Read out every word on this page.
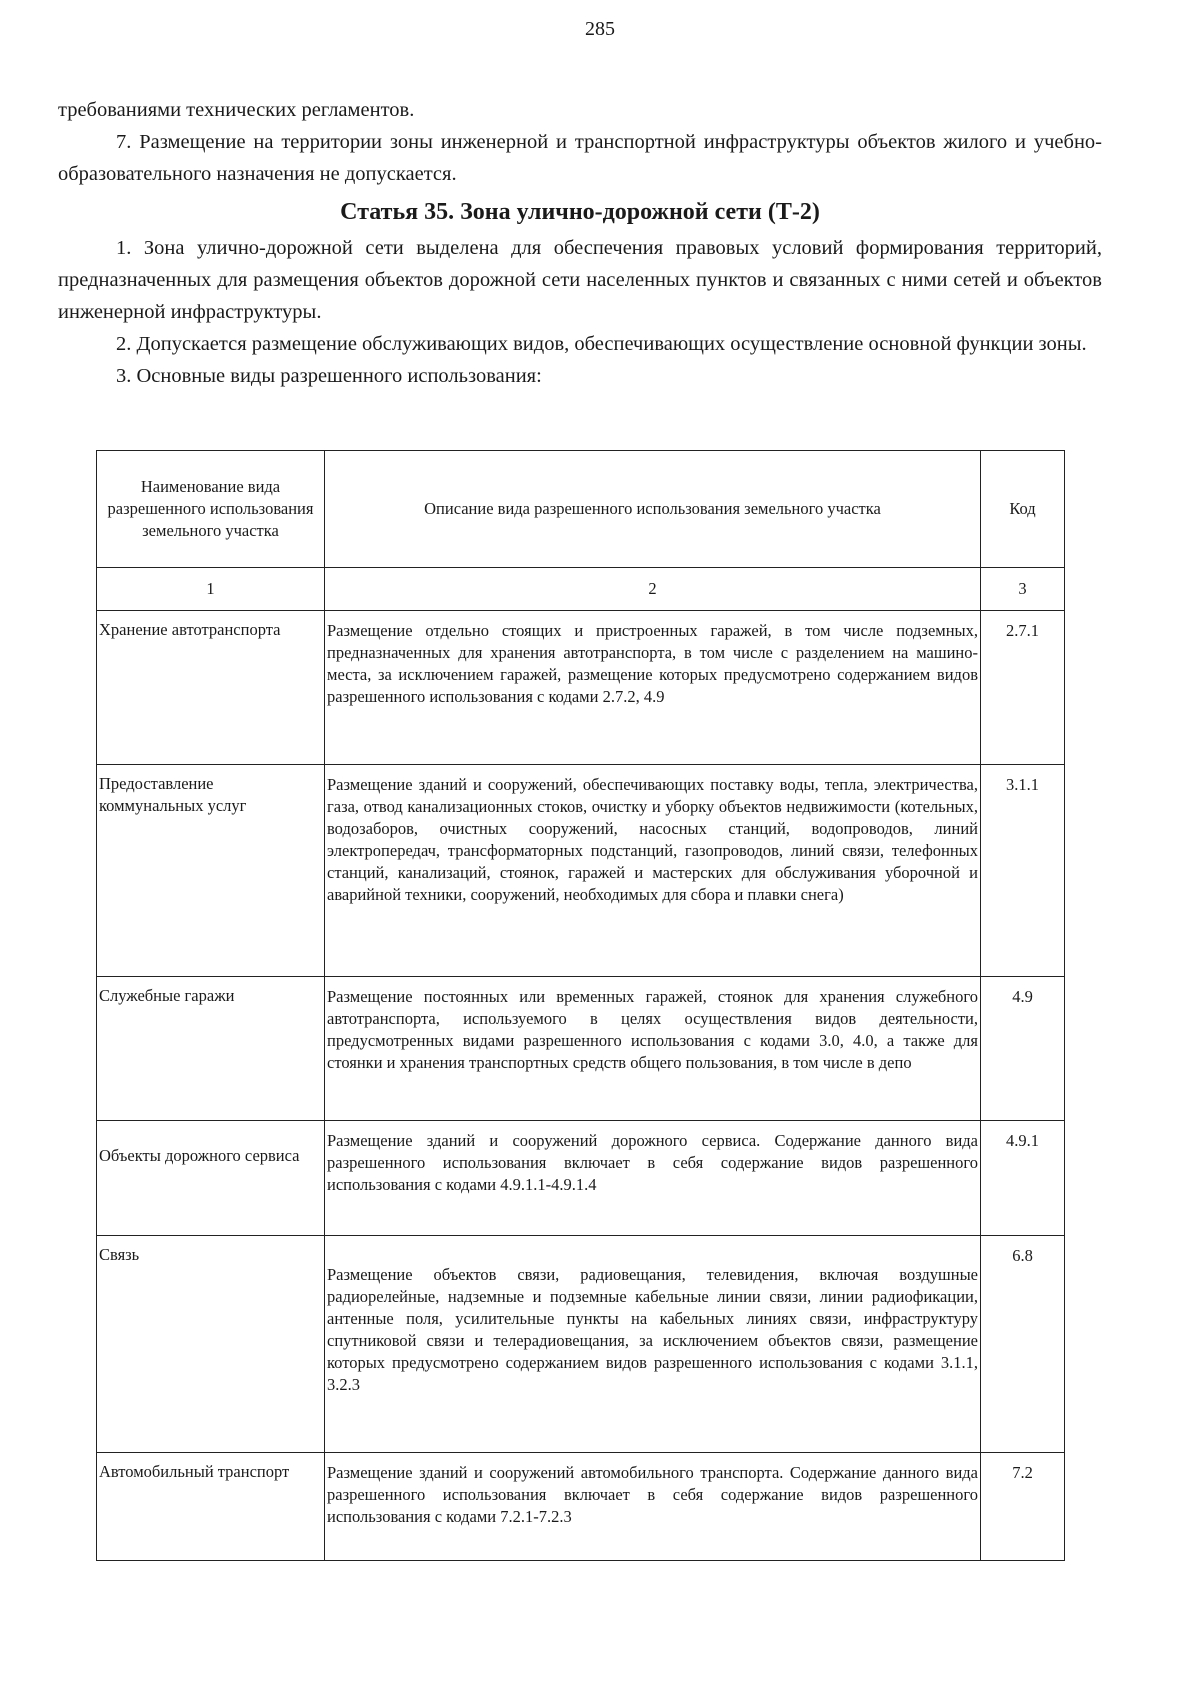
285

требованиями технических регламентов.

7. Размещение на территории зоны инженерной и транспортной инфраструктуры объектов жилого и учебно-образовательного назначения не допускается.

Статья 35. Зона улично-дорожной сети (Т-2)

1. Зона улично-дорожной сети выделена для обеспечения правовых условий формирования территорий, предназначенных для размещения объектов дорожной сети населенных пунктов и связанных с ними сетей и объектов инженерной инфраструктуры.

2. Допускается размещение обслуживающих видов, обеспечивающих осуществление основной функции зоны.

3. Основные виды разрешенного использования:

Наименование вида разрешенного использования земельного участка	Описание вида разрешенного использования земельного участка	Код
1	2	3
Хранение автотранспорта	Размещение отдельно стоящих и пристроенных гаражей, в том числе подземных, предназначенных для хранения автотранспорта, в том числе с разделением на машино-места, за исключением гаражей, размещение которых предусмотрено содержанием видов разрешенного использования с кодами 2.7.2, 4.9	2.7.1
Предоставление коммунальных услуг	Размещение зданий и сооружений, обеспечивающих поставку воды, тепла, электричества, газа, отвод канализационных стоков, очистку и уборку объектов недвижимости (котельных, водозаборов, очистных сооружений, насосных станций, водопроводов, линий электропередач, трансформаторных подстанций, газопроводов, линий связи, телефонных станций, канализаций, стоянок, гаражей и мастерских для обслуживания уборочной и аварийной техники, сооружений, необходимых для сбора и плавки снега)	3.1.1
Служебные гаражи	Размещение постоянных или временных гаражей, стоянок для хранения служебного автотранспорта, используемого в целях осуществления видов деятельности, предусмотренных видами разрешенного использования с кодами 3.0, 4.0, а также для стоянки и хранения транспортных средств общего пользования, в том числе в депо	4.9
Объекты дорожного сервиса	Размещение зданий и сооружений дорожного сервиса. Содержание данного вида разрешенного использования включает в себя содержание видов разрешенного использования с кодами 4.9.1.1-4.9.1.4	4.9.1
Связь	Размещение объектов связи, радиовещания, телевидения, включая воздушные радиорелейные, надземные и подземные кабельные линии связи, линии радиофикации, антенные поля, усилительные пункты на кабельных линиях связи, инфраструктуру спутниковой связи и телерадиовещания, за исключением объектов связи, размещение которых предусмотрено содержанием видов разрешенного использования с кодами 3.1.1, 3.2.3	6.8
Автомобильный транспорт	Размещение зданий и сооружений автомобильного транспорта. Содержание данного вида разрешенного использования включает в себя содержание видов разрешенного использования с кодами 7.2.1-7.2.3	7.2
